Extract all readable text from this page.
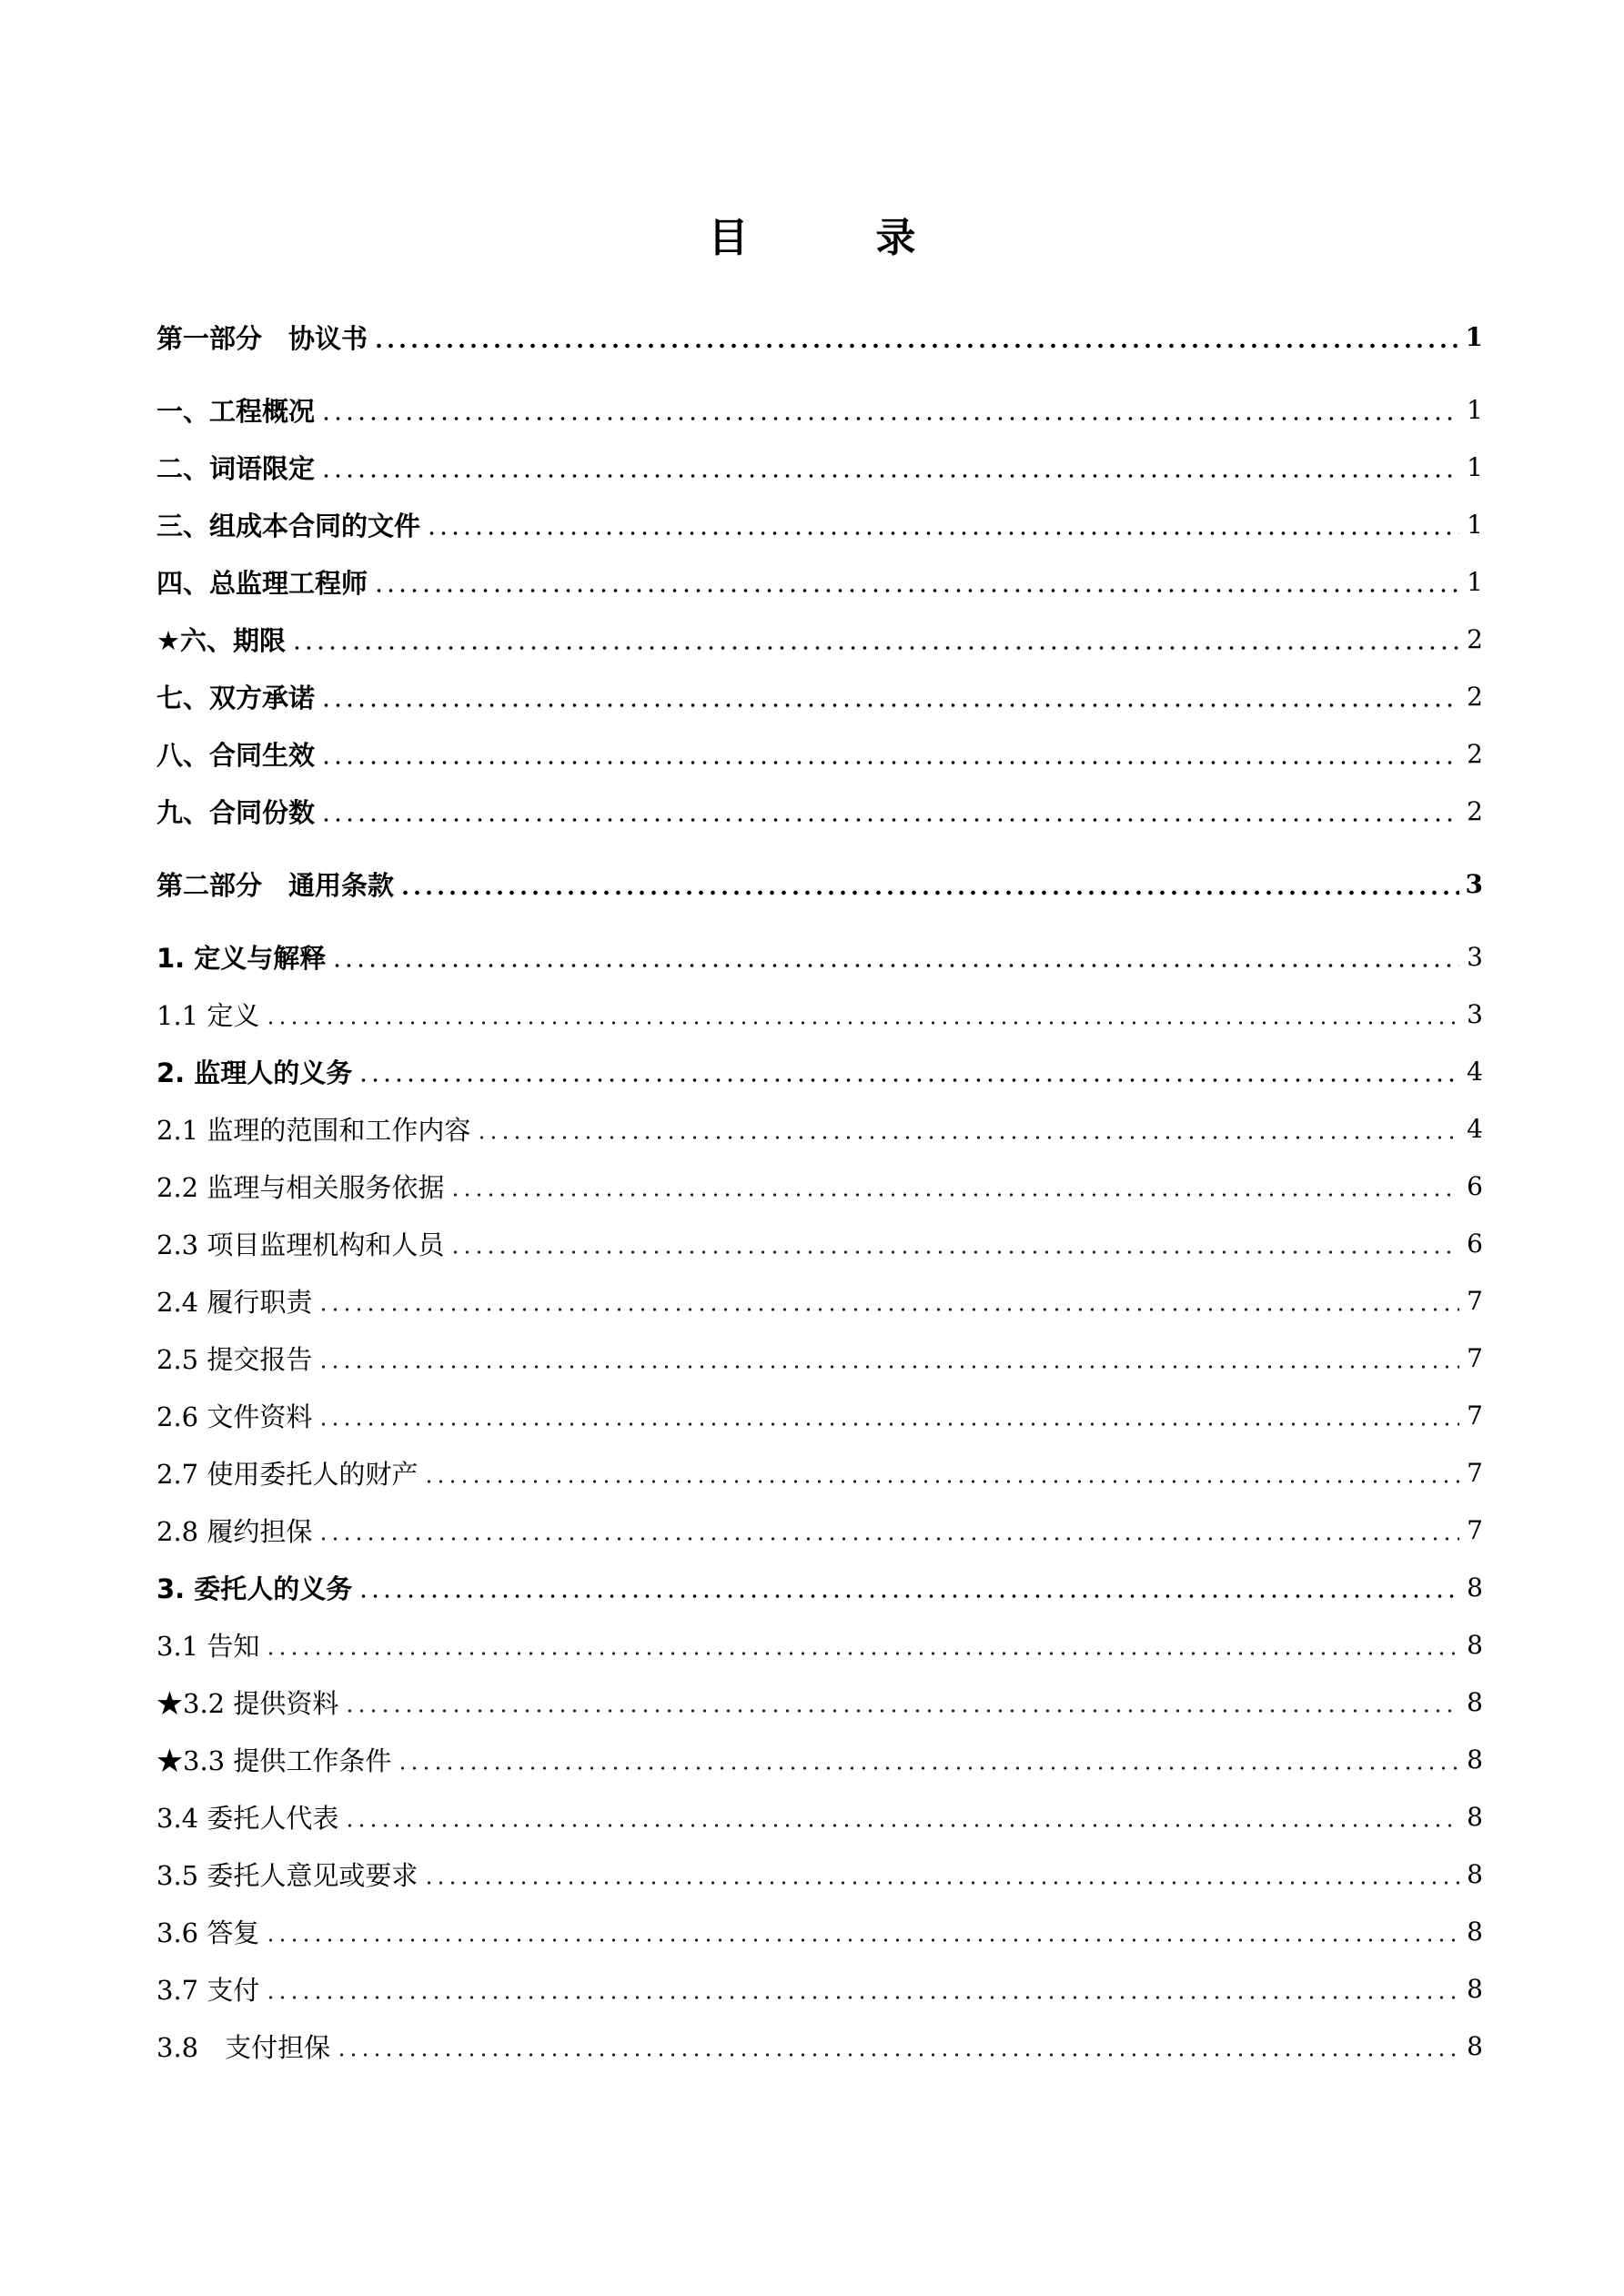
目　录
第一部分　协议书	1
一、工程概况	1
二、词语限定	1
三、组成本合同的文件	1
四、总监理工程师	1
★六、期限	2
七、双方承诺	2
八、合同生效	2
九、合同份数	2
第二部分　通用条款	3
1. 定义与解释	3
1.1 定义	3
2. 监理人的义务	4
2.1 监理的范围和工作内容	4
2.2 监理与相关服务依据	6
2.3 项目监理机构和人员	6
2.4 履行职责	7
2.5 提交报告	7
2.6 文件资料	7
2.7 使用委托人的财产	7
2.8 履约担保	7
3. 委托人的义务	8
3.1 告知	8
★3.2 提供资料	8
★3.3 提供工作条件	8
3.4 委托人代表	8
3.5 委托人意见或要求	8
3.6 答复	8
3.7 支付	8
3.8　支付担保	8
